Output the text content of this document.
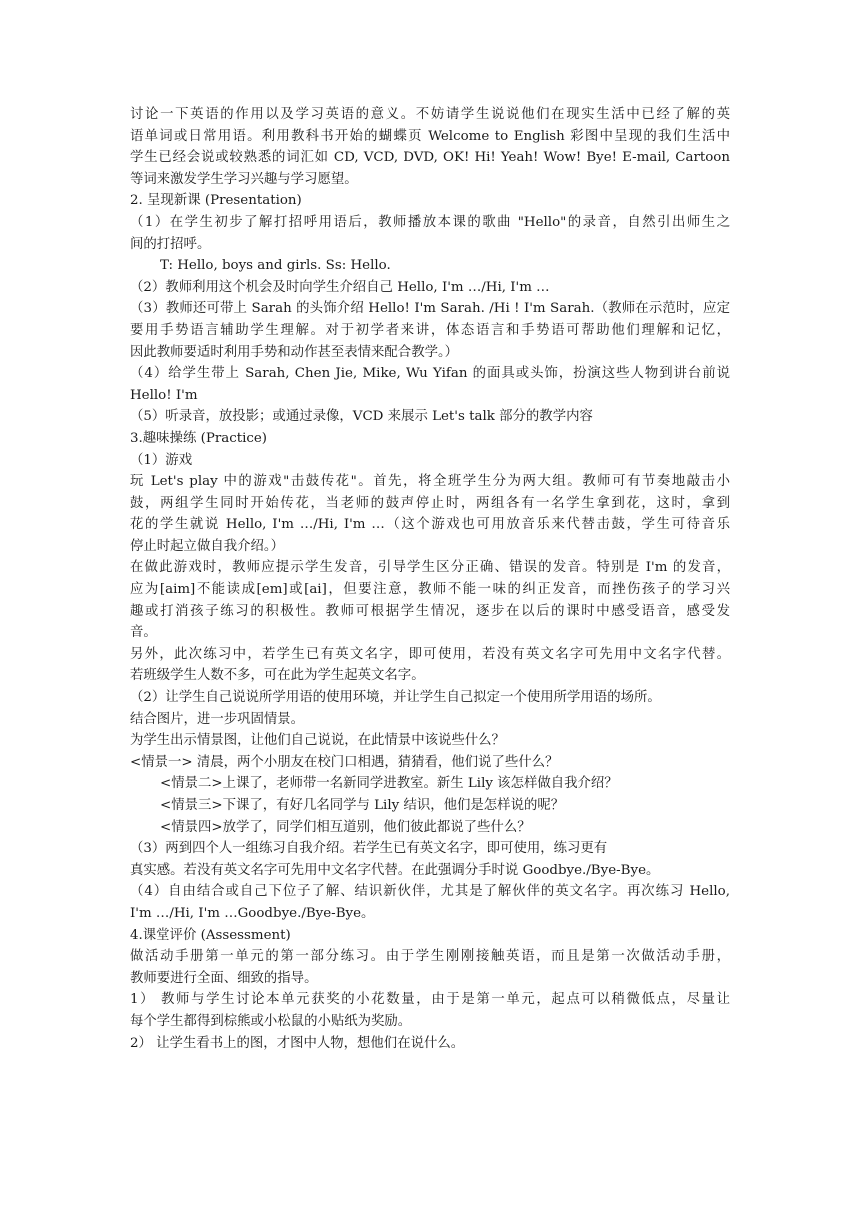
讨论一下英语的作用以及学习英语的意义。不妨请学生说说他们在现实生活中已经了解的英
语单词或日常用语。利用教科书开始的蝴蝶页 Welcome to English 彩图中呈现的我们生活中
学生已经会说或较熟悉的词汇如 CD, VCD, DVD, OK! Hi! Yeah! Wow! Bye! E-mail, Cartoon
等词来激发学生学习兴趣与学习愿望。
2. 呈现新课 (Presentation)
（1）在学生初步了解打招呼用语后，教师播放本课的歌曲 "Hello"的录音，自然引出师生之
间的打招呼。
T: Hello, boys and girls. Ss: Hello.
（2）教师利用这个机会及时向学生介绍自己 Hello, I'm …/Hi, I'm …
（3）教师还可带上 Sarah 的头饰介绍 Hello! I'm Sarah. /Hi ! I'm Sarah.（教师在示范时，应定
要用手势语言辅助学生理解。对于初学者来讲，体态语言和手势语可帮助他们理解和记忆，
因此教师要适时利用手势和动作甚至表情来配合教学。）
（4）给学生带上 Sarah, Chen Jie, Mike, Wu Yifan 的面具或头饰，扮演这些人物到讲台前说
Hello! I'm
（5）听录音，放投影；或通过录像，VCD 来展示 Let's talk 部分的教学内容
3.趣味操练 (Practice)
（1）游戏
玩 Let's play 中的游戏"击鼓传花"。首先，将全班学生分为两大组。教师可有节奏地敲击小
鼓，两组学生同时开始传花，当老师的鼓声停止时，两组各有一名学生拿到花，这时，拿到
花的学生就说 Hello, I'm …/Hi, I'm …（这个游戏也可用放音乐来代替击鼓，学生可待音乐
停止时起立做自我介绍。）
在做此游戏时，教师应提示学生发音，引导学生区分正确、错误的发音。特别是 I'm 的发音，
应为[aim]不能读成[em]或[ai]，但要注意，教师不能一味的纠正发音，而挫伤孩子的学习兴
趣或打消孩子练习的积极性。教师可根据学生情况，逐步在以后的课时中感受语音，感受发
音。
另外，此次练习中，若学生已有英文名字，即可使用，若没有英文名字可先用中文名字代替。
若班级学生人数不多，可在此为学生起英文名字。
（2）让学生自己说说所学用语的使用环境，并让学生自己拟定一个使用所学用语的场所。
结合图片，进一步巩固情景。
为学生出示情景图，让他们自己说说，在此情景中该说些什么？
<情景一> 清晨，两个小朋友在校门口相遇，猜猜看，他们说了些什么？
<情景二>上课了，老师带一名新同学进教室。新生 Lily 该怎样做自我介绍？
<情景三>下课了，有好几名同学与 Lily 结识，他们是怎样说的呢？
<情景四>放学了，同学们相互道别，他们彼此都说了些什么？
（3）两到四个人一组练习自我介绍。若学生已有英文名字，即可使用，练习更有
真实感。若没有英文名字可先用中文名字代替。在此强调分手时说 Goodbye./Bye-Bye。
（4）自由结合或自己下位子了解、结识新伙伴，尤其是了解伙伴的英文名字。再次练习 Hello,
I'm …/Hi, I'm …Goodbye./Bye-Bye。
4.课堂评价 (Assessment)
做活动手册第一单元的第一部分练习。由于学生刚刚接触英语，而且是第一次做活动手册，
教师要进行全面、细致的指导。
1） 教师与学生讨论本单元获奖的小花数量，由于是第一单元，起点可以稍微低点，尽量让
每个学生都得到棕熊或小松鼠的小贴纸为奖励。
2） 让学生看书上的图，才图中人物，想他们在说什么。
